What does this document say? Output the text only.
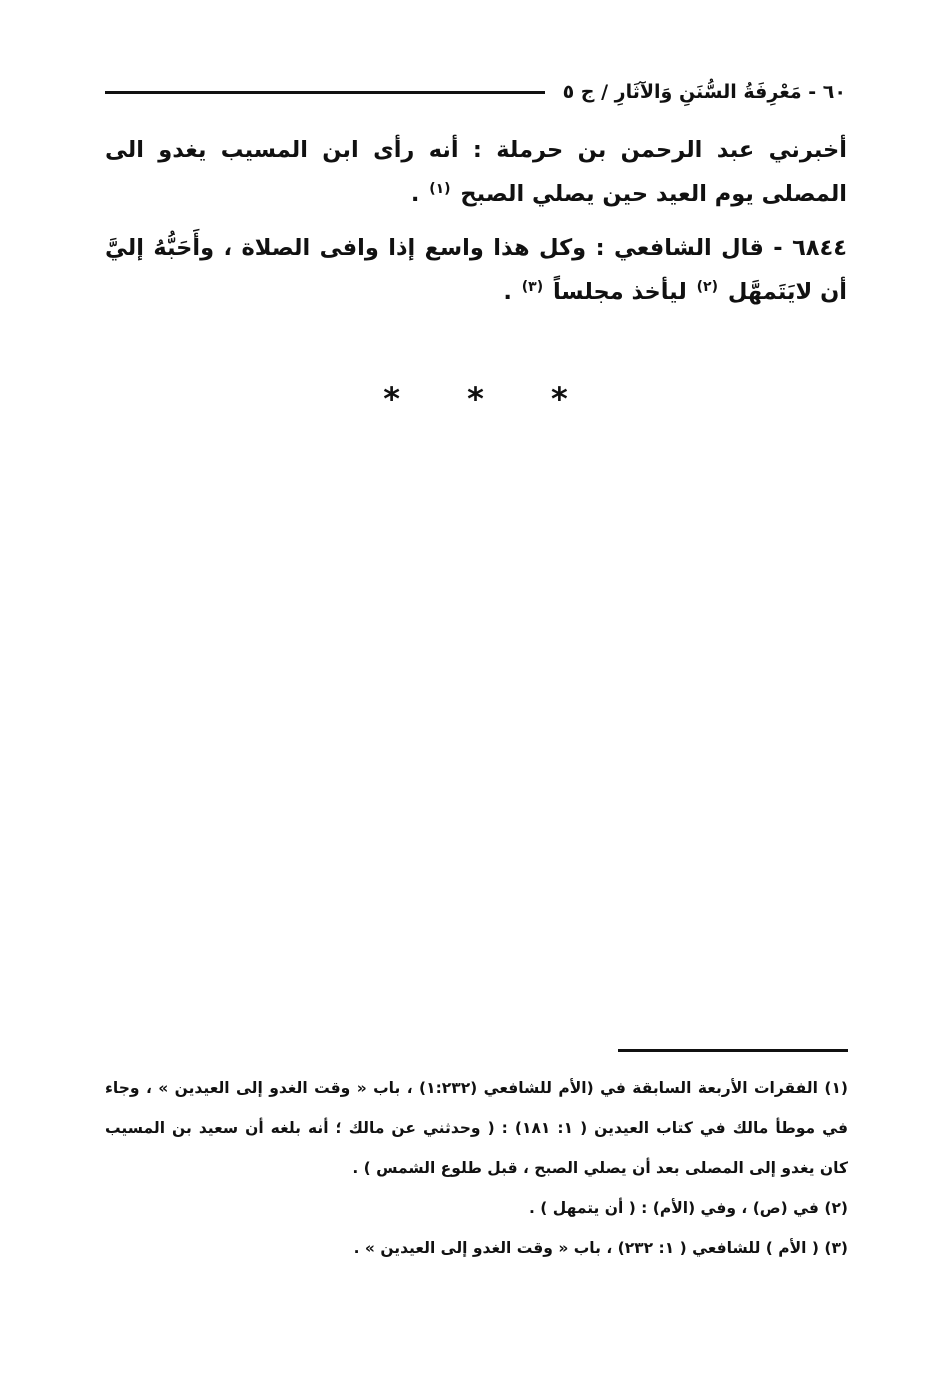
٦٠ - مَعْرِفَةُ السُّنَنِ وَالآثَارِ / ج ٥

أخبرني عبد الرحمن بن حرملة : أنه رأى ابن المسيب يغدو الى المصلى يوم العيد حين يصلي الصبح $^{(١)}$ .

٦٨٤٤ - قال الشافعي : وكل هذا واسع إذا وافى الصلاة ، وأَحَبُّهُ إليَّ أن لايَتَمهَّل $^{(٢)}$ ليأخذ مجلساً $^{(٣)}$ .

* * *

(١) الفقرات الأربعة السابقة في (الأم للشافعي (١:٢٣٢) ، باب « وقت الغدو إلى العيدين » ، وجاء في موطأ مالك في كتاب العيدين ( ١: ١٨١) : ( وحدثني عن مالك ؛ أنه بلغه أن سعيد بن المسيب كان يغدو إلى المصلى بعد أن يصلي الصبح ، قبل طلوع الشمس ) .

(٢) في (ص) ، وفي (الأم) : ( أن يتمهل ) .

(٣) ( الأم ) للشافعي ( ١: ٢٣٢) ، باب « وقت الغدو إلى العيدين » .
